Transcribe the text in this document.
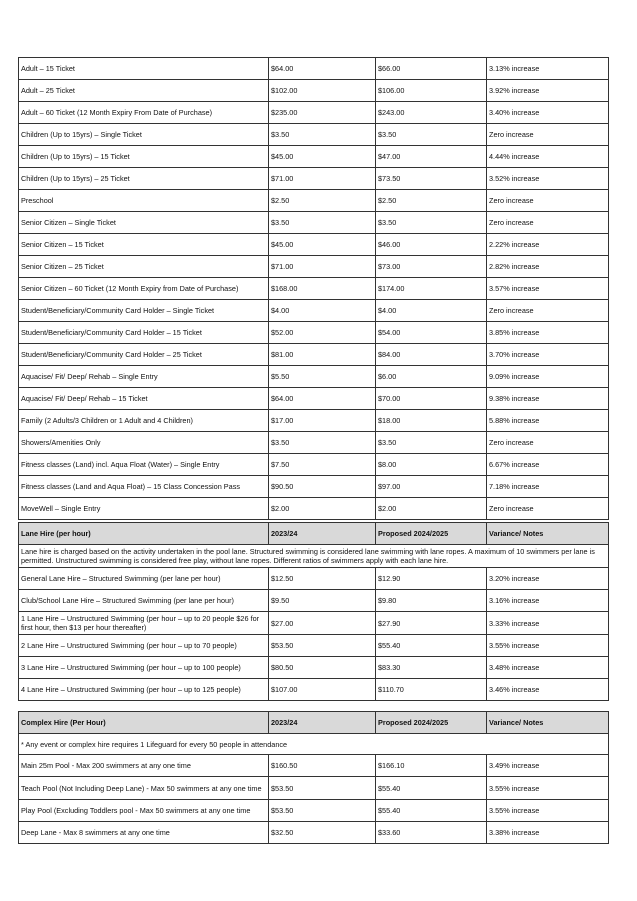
Adult – 15 Ticket	$64.00	$66.00	3.13% increase
Adult – 25 Ticket	$102.00	$106.00	3.92% increase
Adult – 60 Ticket (12 Month Expiry From Date of Purchase)	$235.00	$243.00	3.40% increase
Children (Up to 15yrs) – Single Ticket	$3.50	$3.50	Zero increase
Children (Up to 15yrs) – 15 Ticket	$45.00	$47.00	4.44% increase
Children (Up to 15yrs) – 25 Ticket	$71.00	$73.50	3.52% increase
Preschool	$2.50	$2.50	Zero increase
Senior Citizen – Single Ticket	$3.50	$3.50	Zero increase
Senior Citizen – 15 Ticket	$45.00	$46.00	2.22% increase
Senior Citizen – 25 Ticket	$71.00	$73.00	2.82% increase
Senior Citizen – 60 Ticket (12 Month Expiry from Date of Purchase)	$168.00	$174.00	3.57% increase
Student/Beneficiary/Community Card Holder – Single Ticket	$4.00	$4.00	Zero increase
Student/Beneficiary/Community Card Holder – 15 Ticket	$52.00	$54.00	3.85% increase
Student/Beneficiary/Community Card Holder – 25 Ticket	$81.00	$84.00	3.70% increase
Aquacise/ Fit/ Deep/ Rehab – Single Entry	$5.50	$6.00	9.09% increase
Aquacise/ Fit/ Deep/ Rehab – 15 Ticket	$64.00	$70.00	9.38% increase
Family (2 Adults/3 Children or 1 Adult and 4 Children)	$17.00	$18.00	5.88% increase
Showers/Amenities Only	$3.50	$3.50	Zero increase
Fitness classes (Land) incl. Aqua Float (Water) – Single Entry	$7.50	$8.00	6.67% increase
Fitness classes (Land and Aqua Float) – 15 Class Concession Pass	$90.50	$97.00	7.18% increase
MoveWell – Single Entry	$2.00	$2.00	Zero increase
Lane Hire (per hour)	2023/24	Proposed 2024/2025	Variance/ Notes
Lane hire is charged based on the activity undertaken in the pool lane. Structured swimming is considered lane swimming with lane ropes. A maximum of 10 swimmers per lane is permitted. Unstructured swimming is considered free play, without lane ropes. Different ratios of swimmers apply with each lane hire.			
General Lane Hire – Structured Swimming (per lane per hour)	$12.50	$12.90	3.20% increase
Club/School Lane Hire – Structured Swimming (per lane per hour)	$9.50	$9.80	3.16% increase
1 Lane Hire – Unstructured Swimming (per hour – up to 20 people $26 for first hour, then $13 per hour thereafter)	$27.00	$27.90	3.33% increase
2 Lane Hire – Unstructured Swimming (per hour – up to 70 people)	$53.50	$55.40	3.55% increase
3 Lane Hire – Unstructured Swimming (per hour – up to 100 people)	$80.50	$83.30	3.48% increase
4 Lane Hire – Unstructured Swimming (per hour – up to 125 people)	$107.00	$110.70	3.46% increase
Complex Hire (Per Hour)	2023/24	Proposed 2024/2025	Variance/ Notes
* Any event or complex hire requires 1 Lifeguard for every 50 people in attendance			
Main 25m Pool - Max 200 swimmers at any one time	$160.50	$166.10	3.49% increase
Teach Pool (Not Including Deep Lane) - Max 50 swimmers at any one time	$53.50	$55.40	3.55% increase
Play Pool (Excluding Toddlers pool - Max 50 swimmers at any one time	$53.50	$55.40	3.55% increase
Deep Lane - Max 8 swimmers at any one time	$32.50	$33.60	3.38% increase
